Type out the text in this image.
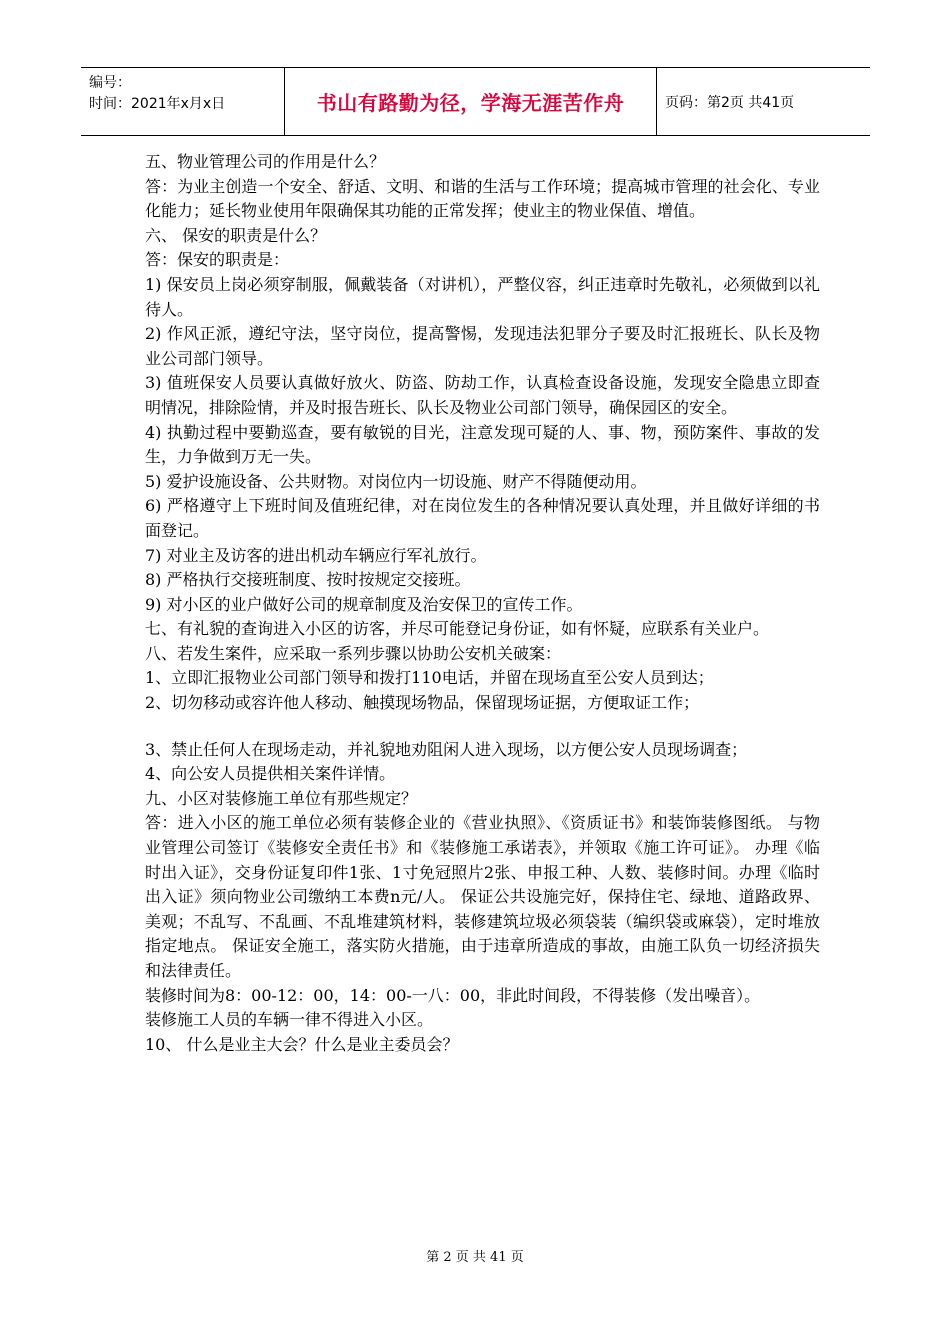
编号：
时间：2021年x月x日	书山有路勤为径，学海无涯苦作舟	页码：第2页 共41页

五、物业管理公司的作用是什么？

答：为业主创造一个安全、舒适、文明、和谐的生活与工作环境；提高城市管理的社会化、专业化能力；延长物业使用年限确保其功能的正常发挥；使业主的物业保值、增值。

六、 保安的职责是什么？

答：保安的职责是：

1) 保安员上岗必须穿制服，佩戴装备（对讲机），严整仪容，纠正违章时先敬礼，必须做到以礼待人。

2) 作风正派，遵纪守法，坚守岗位，提高警惕，发现违法犯罪分子要及时汇报班长、队长及物业公司部门领导。

3) 值班保安人员要认真做好放火、防盗、防劫工作，认真检查设备设施，发现安全隐患立即查明情况，排除险情，并及时报告班长、队长及物业公司部门领导，确保园区的安全。

4) 执勤过程中要勤巡查，要有敏锐的目光，注意发现可疑的人、事、物，预防案件、事故的发生，力争做到万无一失。

5) 爱护设施设备、公共财物。对岗位内一切设施、财产不得随便动用。

6) 严格遵守上下班时间及值班纪律，对在岗位发生的各种情况要认真处理，并且做好详细的书面登记。

7) 对业主及访客的进出机动车辆应行军礼放行。

8) 严格执行交接班制度、按时按规定交接班。

9) 对小区的业户做好公司的规章制度及治安保卫的宣传工作。

七、有礼貌的查询进入小区的访客，并尽可能登记身份证，如有怀疑，应联系有关业户。

八、若发生案件，应采取一系列步骤以协助公安机关破案：

1、立即汇报物业公司部门领导和拨打110电话，并留在现场直至公安人员到达；

2、切勿移动或容许他人移动、触摸现场物品，保留现场证据，方便取证工作；

3、禁止任何人在现场走动，并礼貌地劝阻闲人进入现场，以方便公安人员现场调查；

4、向公安人员提供相关案件详情。

九、小区对装修施工单位有那些规定？

答：进入小区的施工单位必须有装修企业的《营业执照》、《资质证书》和装饰装修图纸。 与物业管理公司签订《装修安全责任书》和《装修施工承诺表》，并领取《施工许可证》。 办理《临时出入证》，交身份证复印件1张、1寸免冠照片2张、申报工种、人数、装修时间。办理《临时出入证》须向物业公司缴纳工本费n元/人。 保证公共设施完好，保持住宅、绿地、道路政界、美观；不乱写、不乱画、不乱堆建筑材料，装修建筑垃圾必须袋装（编织袋或麻袋），定时堆放指定地点。 保证安全施工，落实防火措施，由于违章所造成的事故，由施工队负一切经济损失和法律责任。

装修时间为8：00-12：00，14：00-一八：00，非此时间段，不得装修（发出噪音）。

装修施工人员的车辆一律不得进入小区。

10、 什么是业主大会？什么是业主委员会？

第 2 页 共 41 页
